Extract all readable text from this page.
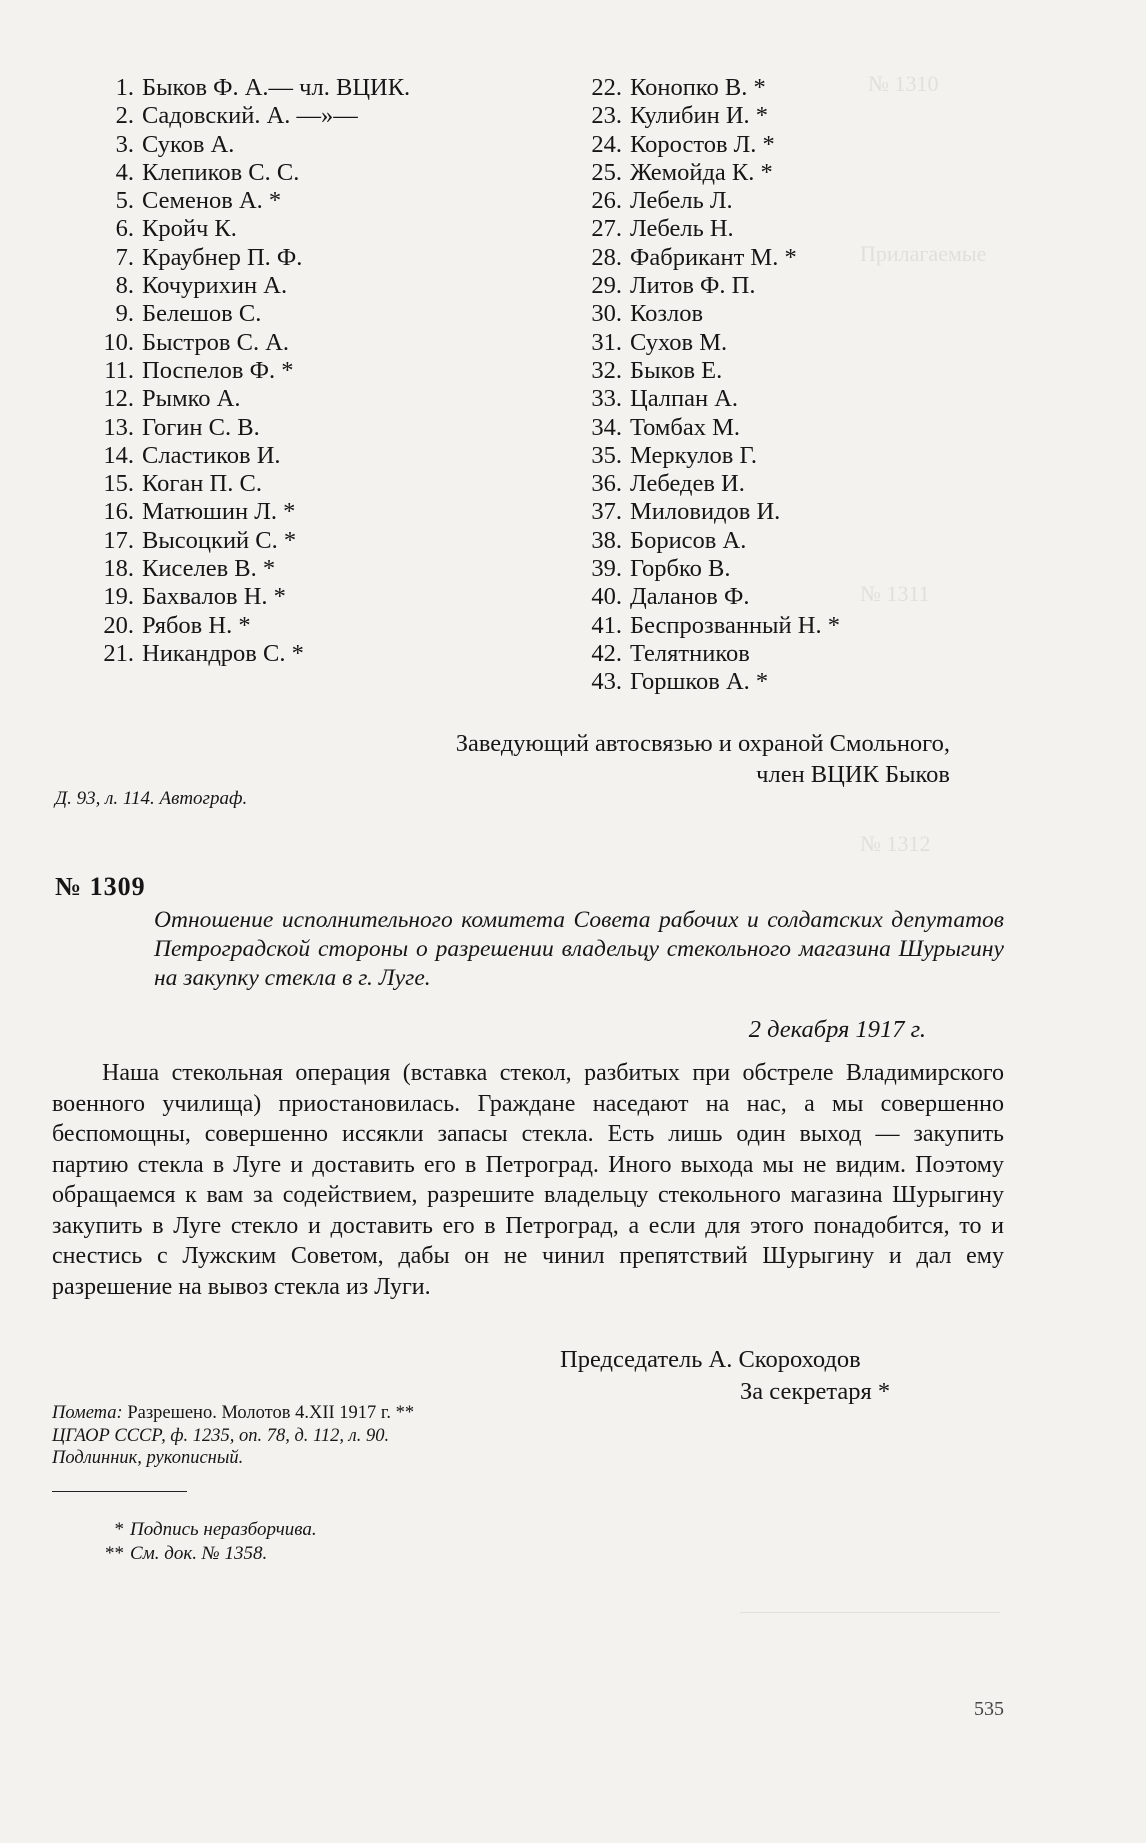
№ 1310
Прилагаемые
№ 1311
№ 1312
1. Быков Ф. А.— чл. ВЦИК.
2. Садовский. А. —»—
3. Суков А.
4. Клепиков С. С.
5. Семенов А. *
6. Кройч К.
7. Краубнер П. Ф.
8. Кочурихин А.
9. Белешов С.
10. Быстров С. А.
11. Поспелов Ф. *
12. Рымко А.
13. Гогин С. В.
14. Сластиков И.
15. Коган П. С.
16. Матюшин Л. *
17. Высоцкий С. *
18. Киселев В. *
19. Бахвалов Н. *
20. Рябов Н. *
21. Никандров С. *
22. Конопко В. *
23. Кулибин И. *
24. Коростов Л. *
25. Жемойда К. *
26. Лебель Л.
27. Лебель Н.
28. Фабрикант М. *
29. Литов Ф. П.
30. Козлов
31. Сухов М.
32. Быков Е.
33. Цалпан А.
34. Томбах М.
35. Меркулов Г.
36. Лебедев И.
37. Миловидов И.
38. Борисов А.
39. Горбко В.
40. Даланов Ф.
41. Беспрозванный Н. *
42. Телятников
43. Горшков А. *
Заведующий автосвязью и охраной Смольного,
член ВЦИК Быков
Д. 93, л. 114. Автограф.
№ 1309
Отношение исполнительного комитета Совета рабочих и солдатских депутатов Петроградской стороны о разрешении владельцу стекольного магазина Шурыгину на закупку стекла в г. Луге.
2 декабря 1917 г.

Наша стекольная операция (вставка стекол, разбитых при обстреле Владимирского военного училища) приостановилась. Граждане наседают на нас, а мы совершенно беспомощны, совершенно иссякли запасы стекла. Есть лишь один выход — закупить партию стекла в Луге и доставить его в Петроград. Иного выхода мы не видим. Поэтому обращаемся к вам за содействием, разрешите владельцу стекольного магазина Шурыгину закупить в Луге стекло и доставить его в Петроград, а если для этого понадобится, то и снестись с Лужским Советом, дабы он не чинил препятствий Шурыгину и дал ему разрешение на вывоз стекла из Луги.

Председатель А. Скороходов
За секретаря *
Помета: Разрешено. Молотов 4.XII 1917 г. **
ЦГАОР СССР, ф. 1235, оп. 78, д. 112, л. 90.
Подлинник, рукописный.
* Подпись неразборчива.
** См. док. № 1358.
535
